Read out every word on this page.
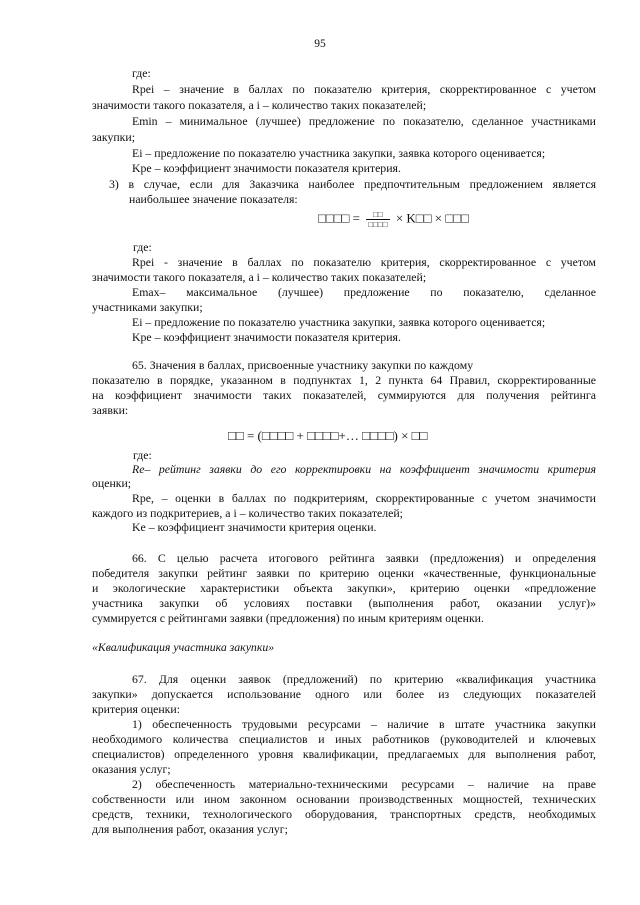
95
где:
Rpei – значение в баллах по показателю критерия, скорректированное с учетом
значимости такого показателя, а i – количество таких показателей;
Emin – минимальное (лучшее) предложение по показателю, сделанное участниками
закупки;
Ei – предложение по показателю участника закупки, заявка которого оценивается;
Kpe – коэффициент значимости показателя критерия.
3) в случае, если для Заказчика наиболее предпочтительным предложением является
наибольшее значение показателя:
□□□□ = $\frac{□□}{□□□□}$ × K□□ × □□□
где:
Rpei - значение в баллах по показателю критерия, скорректированное с учетом
значимости такого показателя, а i – количество таких показателей;
Emax– максимальное (лучшее) предложение по показателю, сделанное
участниками закупки;
Ei – предложение по показателю участника закупки, заявка которого оценивается;
Kpe – коэффициент значимости показателя критерия.
65. Значения в баллах, присвоенные участнику закупки по каждому
показателю в порядке, указанном в подпунктах 1, 2 пункта 64 Правил, скорректированные
на коэффициент значимости таких показателей, суммируются для получения рейтинга
заявки:
□□ = (□□□□ + □□□□+… □□□□) × □□
где:
Re– рейтинг заявки до его корректировки на коэффициент значимости критерия
оценки;
Rpe, – оценки в баллах по подкритериям, скорректированные с учетом значимости
каждого из подкритериев, а i – количество таких показателей;
Ke – коэффициент значимости критерия оценки.
66. С целью расчета итогового рейтинга заявки (предложения) и определения
победителя закупки рейтинг заявки по критерию оценки «качественные, функциональные
и экологические характеристики объекта закупки», критерию оценки «предложение
участника закупки об условиях поставки (выполнения работ, оказании услуг)»
суммируется с рейтингами заявки (предложения) по иным критериям оценки.
«Квалификация участника закупки»
67. Для оценки заявок (предложений) по критерию «квалификация участника
закупки» допускается использование одного или более из следующих показателей
критерия оценки:
1) обеспеченность трудовыми ресурсами – наличие в штате участника закупки
необходимого количества специалистов и иных работников (руководителей и ключевых
специалистов) определенного уровня квалификации, предлагаемых для выполнения работ,
оказания услуг;
2) обеспеченность материально-техническими ресурсами – наличие на праве
собственности или ином законном основании производственных мощностей, технических
средств, техники, технологического оборудования, транспортных средств, необходимых
для выполнения работ, оказания услуг;
